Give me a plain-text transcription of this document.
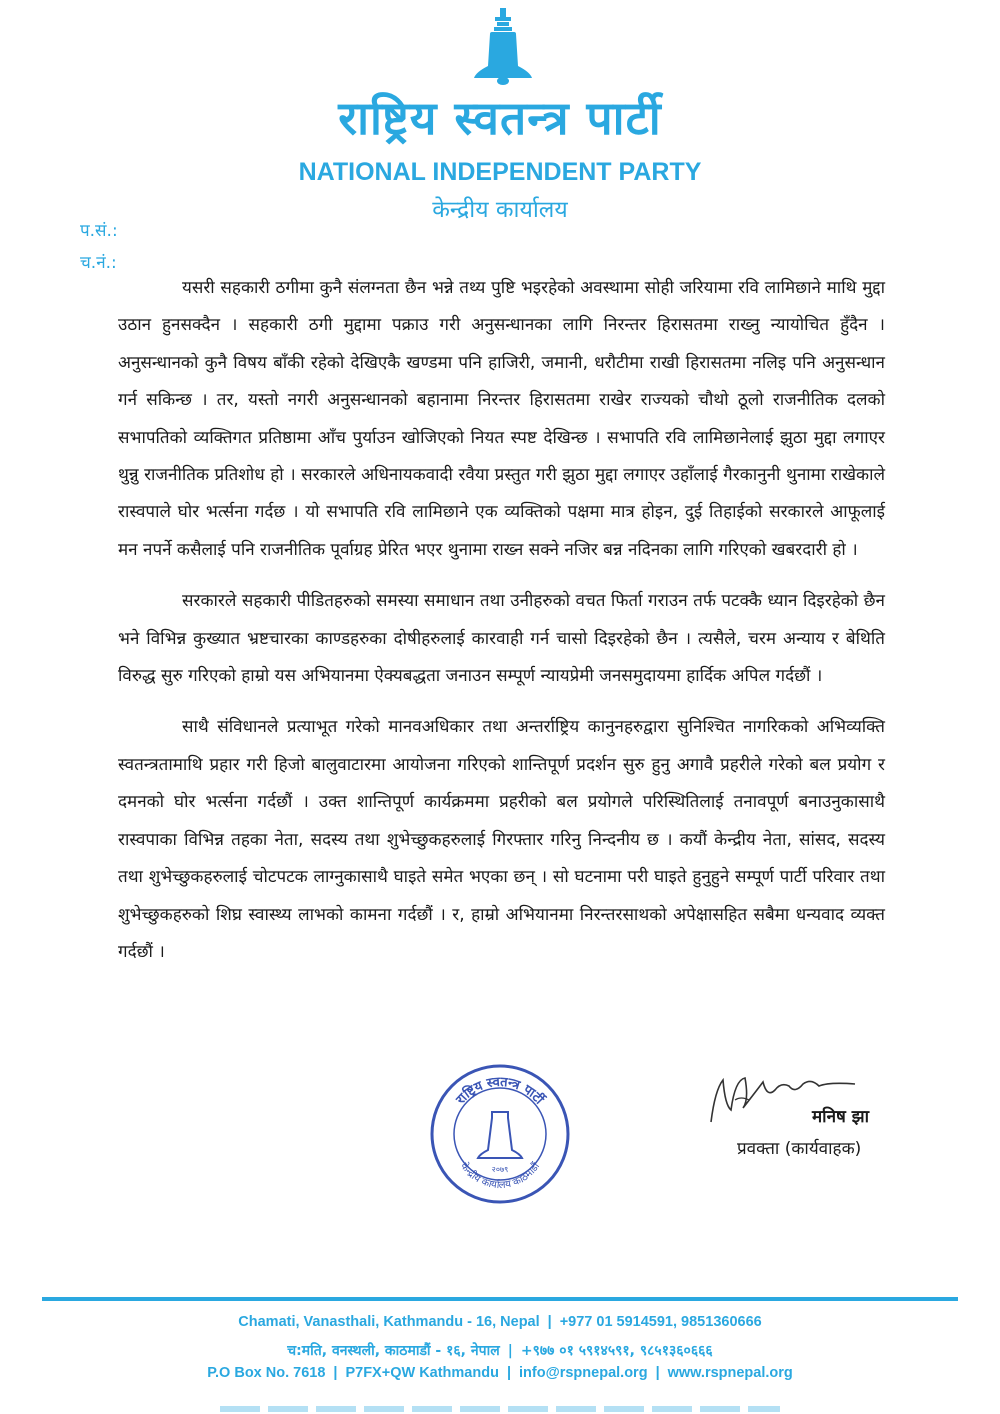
राष्ट्रिय स्वतन्त्र पार्टी
NATIONAL INDEPENDENT PARTY
केन्द्रीय कार्यालय
प.सं.:
च.नं.:

यसरी सहकारी ठगीमा कुनै संलग्नता छैन भन्ने तथ्य पुष्टि भइरहेको अवस्थामा सोही जरियामा रवि लामिछाने माथि मुद्दा उठान हुनसक्दैन । सहकारी ठगी मुद्दामा पक्राउ गरी अनुसन्धानका लागि निरन्तर हिरासतमा राख्नु न्यायोचित हुँदैन । अनुसन्धानको कुनै विषय बाँकी रहेको देखिएकै खण्डमा पनि हाजिरी, जमानी, धरौटीमा राखी हिरासतमा नलिइ पनि अनुसन्धान गर्न सकिन्छ । तर, यस्तो नगरी अनुसन्धानको बहानामा निरन्तर हिरासतमा राखेर राज्यको चौथो ठूलो राजनीतिक दलको सभापतिको व्यक्तिगत प्रतिष्ठामा आँच पुर्याउन खोजिएको नियत स्पष्ट देखिन्छ । सभापति रवि लामिछानेलाई झुठा मुद्दा लगाएर थुन्नु राजनीतिक प्रतिशोध हो । सरकारले अधिनायकवादी रवैया प्रस्तुत गरी झुठा मुद्दा लगाएर उहाँलाई गैरकानुनी थुनामा राखेकाले रास्वपाले घोर भर्त्सना गर्दछ । यो सभापति रवि लामिछाने एक व्यक्तिको पक्षमा मात्र होइन, दुई तिहाईको सरकारले आफूलाई मन नपर्ने कसैलाई पनि राजनीतिक पूर्वाग्रह प्रेरित भएर थुनामा राख्न सक्ने नजिर बन्न नदिनका लागि गरिएको खबरदारी हो ।

सरकारले सहकारी पीडितहरुको समस्या समाधान तथा उनीहरुको वचत फिर्ता गराउन तर्फ पटक्कै ध्यान दिइरहेको छैन भने विभिन्न कुख्यात भ्रष्टचारका काण्डहरुका दोषीहरुलाई कारवाही गर्न चासो दिइरहेको छैन । त्यसैले, चरम अन्याय र बेथिति विरुद्ध सुरु गरिएको हाम्रो यस अभियानमा ऐक्यबद्धता जनाउन सम्पूर्ण न्यायप्रेमी जनसमुदायमा हार्दिक अपिल गर्दछौं ।

साथै संविधानले प्रत्याभूत गरेको मानवअधिकार तथा अन्तर्राष्ट्रिय कानुनहरुद्वारा सुनिश्चित नागरिकको अभिव्यक्ति स्वतन्त्रतामाथि प्रहार गरी हिजो बालुवाटारमा आयोजना गरिएको शान्तिपूर्ण प्रदर्शन सुरु हुनु अगावै प्रहरीले गरेको बल प्रयोग र दमनको घोर भर्त्सना गर्दछौं । उक्त शान्तिपूर्ण कार्यक्रममा प्रहरीको बल प्रयोगले परिस्थितिलाई तनावपूर्ण बनाउनुकासाथै रास्वपाका विभिन्न तहका नेता, सदस्य तथा शुभेच्छुकहरुलाई गिरफ्तार गरिनु निन्दनीय छ । कयौं केन्द्रीय नेता, सांसद, सदस्य तथा शुभेच्छुकहरुलाई चोटपटक लाग्नुकासाथै घाइते समेत भएका छन् । सो घटनामा परी घाइते हुनुहुने सम्पूर्ण पार्टी परिवार तथा शुभेच्छुकहरुको शिघ्र स्वास्थ्य लाभको कामना गर्दछौं । र, हाम्रो अभियानमा निरन्तरसाथको अपेक्षासहित सबैमा धन्यवाद व्यक्त गर्दछौं ।

राष्ट्रिय स्वतन्त्र पार्टी
केन्द्रीय कार्यालय काठमाडौं
२०७९
मनिष झा
प्रवक्ता (कार्यवाहक)
Chamati, Vanasthali, Kathmandu - 16, Nepal | +977 01 5914591, 9851360666
च:मति, वनस्थली, काठमाडौं - १६, नेपाल | +९७७ ०१ ५९१४५९१, ९८५१३६०६६६
P.O Box No. 7618 | P7FX+QW Kathmandu | info@rspnepal.org | www.rspnepal.org
